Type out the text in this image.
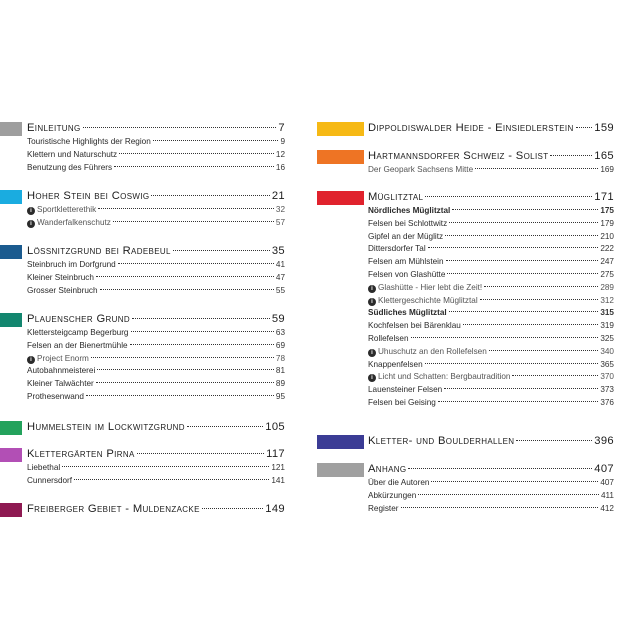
Einleitung	7
Touristische Highlights der Region	9
Klettern und Naturschutz	12
Benutzung des Führers	16
Hoher Stein bei Coswig	21
i Sportkletterethik	32
i Wanderfalkenschutz	57
Lössnitzgrund bei Radebeul	35
Steinbruch im Dorfgrund	41
Kleiner Steinbruch	47
Grosser Steinbruch	55
Plauenscher Grund	59
Klettersteigcamp Begerburg	63
Felsen an der Bienertmühle	69
i Project Enorm	78
Autobahnmeisterei	81
Kleiner Talwächter	89
Prothesenwand	95
Hummelstein im Lockwitzgrund	105
Klettergärten Pirna	117
Liebethal	121
Cunnersdorf	141
Freiberger Gebiet - Muldenzacke	149
Dippoldiswalder Heide - Einsiedlerstein 159
Hartmannsdorfer Schweiz - Solist	165
Der Geopark Sachsens Mitte	169
Müglitztal	171
Nördliches Müglitztal	175
Felsen bei Schlottwitz	179
Gipfel an der Müglitz	210
Dittersdorfer Tal	222
Felsen am Mühlstein	247
Felsen von Glashütte	275
i Glashütte - Hier lebt die Zeit!	289
i Klettergeschichte Müglitztal	312
Südliches Müglitztal	315
Kochfelsen bei Bärenklau	319
Rollefelsen	325
i Uhuschutz an den Rollefelsen	340
Knappenfelsen	365
i Licht und Schatten: Bergbautradition	370
Lauensteiner Felsen	373
Felsen bei Geising	376
Kletter- und Boulderhallen	396
Anhang	407
Über die Autoren	407
Abkürzungen	411
Register	412
